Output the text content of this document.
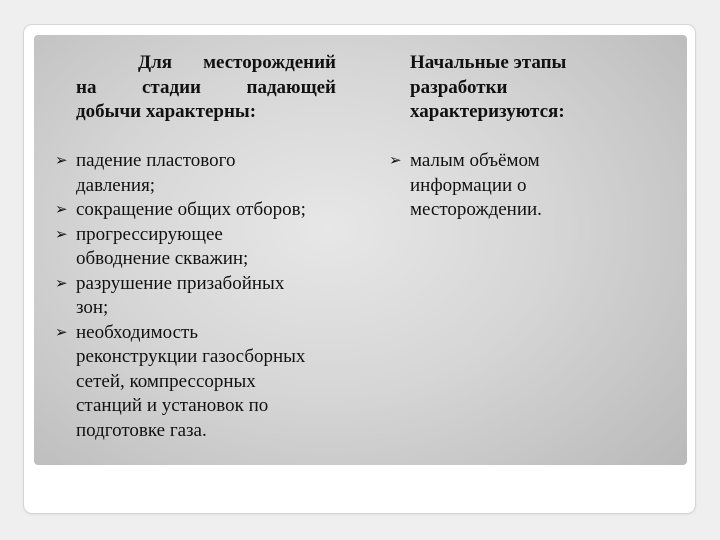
Для месторождений
на стадии падающей
добычи характерны:
Начальные этапы
разработки
характеризуются:
➢ падение пластового
давления;
➢ сокращение общих отборов;
➢ прогрессирующее
обводнение скважин;
➢ разрушение призабойных
зон;
➢ необходимость
реконструкции газосборных
сетей, компрессорных
станций и установок по
подготовке газа.
➢ малым объёмом
информации о
месторождении.
